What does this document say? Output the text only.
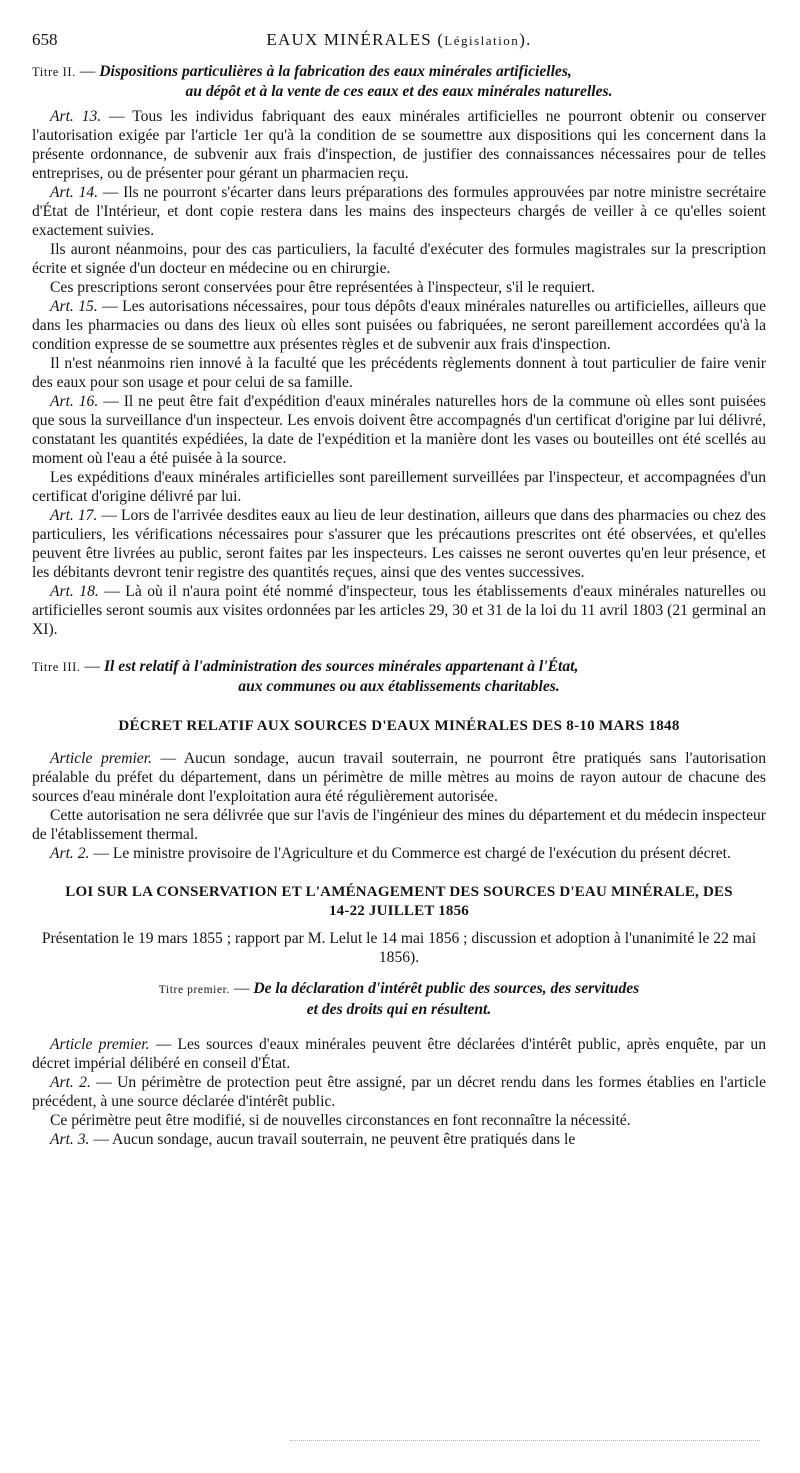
658	EAUX MINÉRALES (Législation).
Titre II. — Dispositions particulières à la fabrication des eaux minérales artificielles,
au dépôt et à la vente de ces eaux et des eaux minérales naturelles.

Art. 13. — Tous les individus fabriquant des eaux minérales artificielles ne pourront obtenir ou conserver l'autorisation exigée par l'article 1er qu'à la condition de se soumettre aux dispositions qui les concernent dans la présente ordonnance, de subvenir aux frais d'inspection, de justifier des connaissances nécessaires pour de telles entreprises, ou de présenter pour gérant un pharmacien reçu.

Art. 14. — Ils ne pourront s'écarter dans leurs préparations des formules approuvées par notre ministre secrétaire d'État de l'Intérieur, et dont copie restera dans les mains des inspecteurs chargés de veiller à ce qu'elles soient exactement suivies.

Ils auront néanmoins, pour des cas particuliers, la faculté d'exécuter des formules magistrales sur la prescription écrite et signée d'un docteur en médecine ou en chirurgie.

Ces prescriptions seront conservées pour être représentées à l'inspecteur, s'il le requiert.

Art. 15. — Les autorisations nécessaires, pour tous dépôts d'eaux minérales naturelles ou artificielles, ailleurs que dans les pharmacies ou dans des lieux où elles sont puisées ou fabriquées, ne seront pareillement accordées qu'à la condition expresse de se soumettre aux présentes règles et de subvenir aux frais d'inspection.

Il n'est néanmoins rien innové à la faculté que les précédents règlements donnent à tout particulier de faire venir des eaux pour son usage et pour celui de sa famille.

Art. 16. — Il ne peut être fait d'expédition d'eaux minérales naturelles hors de la commune où elles sont puisées que sous la surveillance d'un inspecteur. Les envois doivent être accompagnés d'un certificat d'origine par lui délivré, constatant les quantités expédiées, la date de l'expédition et la manière dont les vases ou bouteilles ont été scellés au moment où l'eau a été puisée à la source.

Les expéditions d'eaux minérales artificielles sont pareillement surveillées par l'inspecteur, et accompagnées d'un certificat d'origine délivré par lui.

Art. 17. — Lors de l'arrivée desdites eaux au lieu de leur destination, ailleurs que dans des pharmacies ou chez des particuliers, les vérifications nécessaires pour s'assurer que les précautions prescrites ont été observées, et qu'elles peuvent être livrées au public, seront faites par les inspecteurs. Les caisses ne seront ouvertes qu'en leur présence, et les débitants devront tenir registre des quantités reçues, ainsi que des ventes successives.

Art. 18. — Là où il n'aura point été nommé d'inspecteur, tous les établissements d'eaux minérales naturelles ou artificielles seront soumis aux visites ordonnées par les articles 29, 30 et 31 de la loi du 11 avril 1803 (21 germinal an XI).

Titre III. — Il est relatif à l'administration des sources minérales appartenant à l'État,
aux communes ou aux établissements charitables.
DÉCRET RELATIF AUX SOURCES D'EAUX MINÉRALES DES 8-10 MARS 1848

Article premier. — Aucun sondage, aucun travail souterrain, ne pourront être pratiqués sans l'autorisation préalable du préfet du département, dans un périmètre de mille mètres au moins de rayon autour de chacune des sources d'eau minérale dont l'exploitation aura été régulièrement autorisée.

Cette autorisation ne sera délivrée que sur l'avis de l'ingénieur des mines du département et du médecin inspecteur de l'établissement thermal.

Art. 2. — Le ministre provisoire de l'Agriculture et du Commerce est chargé de l'exécution du présent décret.

LOI SUR LA CONSERVATION ET L'AMÉNAGEMENT DES SOURCES D'EAU MINÉRALE, DES
14-22 JUILLET 1856

Présentation le 19 mars 1855 ; rapport par M. Lelut le 14 mai 1856 ; discussion et adoption à l'unanimité le 22 mai 1856).

Titre premier. — De la déclaration d'intérêt public des sources, des servitudes
et des droits qui en résultent.

Article premier. — Les sources d'eaux minérales peuvent être déclarées d'intérêt public, après enquête, par un décret impérial délibéré en conseil d'État.

Art. 2. — Un périmètre de protection peut être assigné, par un décret rendu dans les formes établies en l'article précédent, à une source déclarée d'intérêt public.

Ce périmètre peut être modifié, si de nouvelles circonstances en font reconnaître la nécessité.

Art. 3. — Aucun sondage, aucun travail souterrain, ne peuvent être pratiqués dans le
